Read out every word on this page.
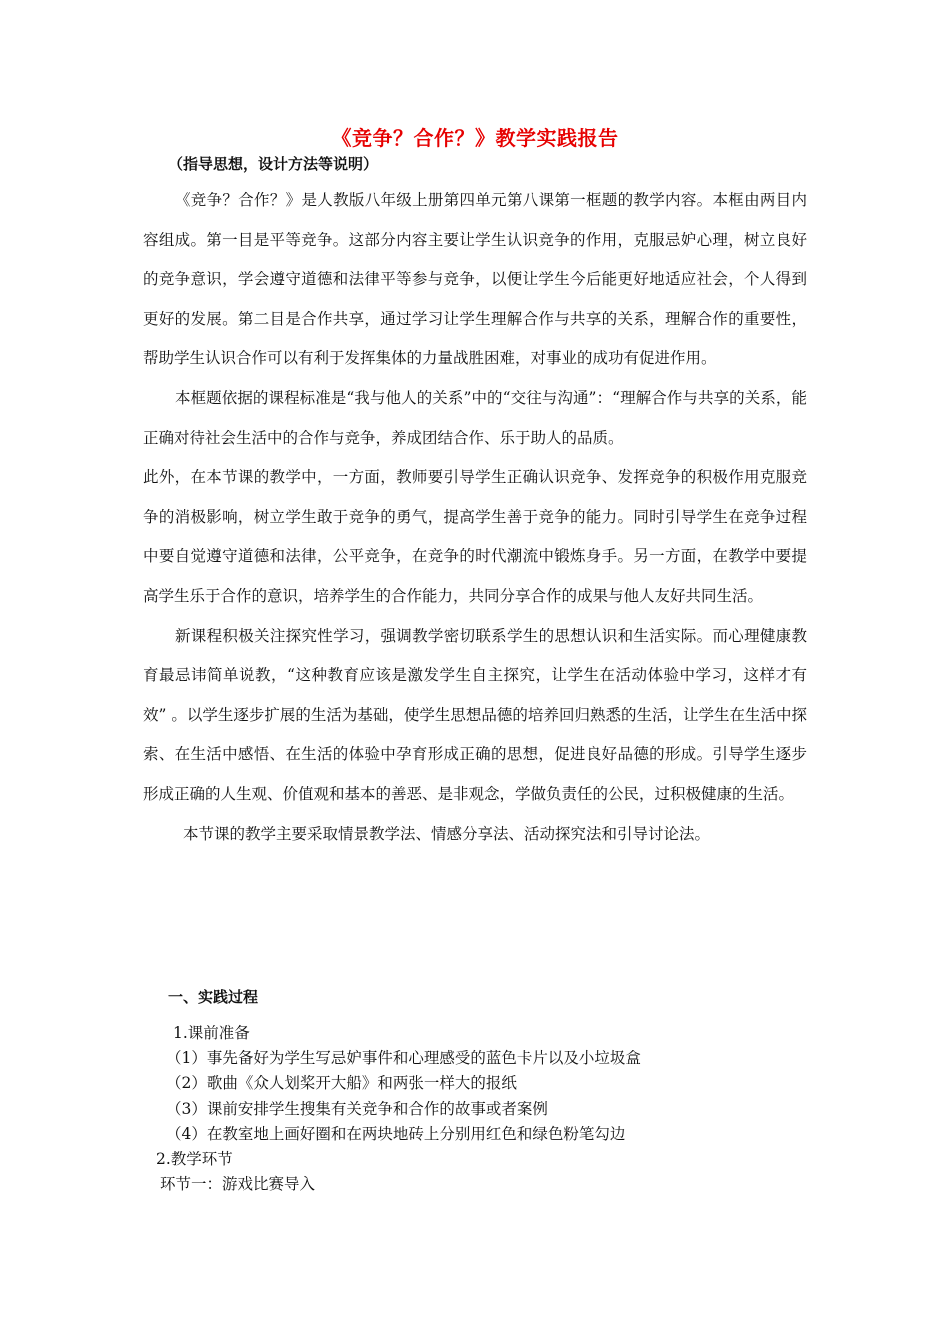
《竞争？合作？》教学实践报告
（指导思想，设计方法等说明）

《竞争？合作？》是人教版八年级上册第四单元第八课第一框题的教学内容。本框由两目内容组成。第一目是平等竞争。这部分内容主要让学生认识竞争的作用，克服忌妒心理，树立良好的竞争意识，学会遵守道德和法律平等参与竞争，以便让学生今后能更好地适应社会，个人得到更好的发展。第二目是合作共享，通过学习让学生理解合作与共享的关系，理解合作的重要性，帮助学生认识合作可以有利于发挥集体的力量战胜困难，对事业的成功有促进作用。

本框题依据的课程标准是“我与他人的关系”中的“交往与沟通”：“理解合作与共享的关系，能正确对待社会生活中的合作与竞争，养成团结合作、乐于助人的品质。

此外，在本节课的教学中，一方面，教师要引导学生正确认识竞争、发挥竞争的积极作用克服竞争的消极影响，树立学生敢于竞争的勇气，提高学生善于竞争的能力。同时引导学生在竞争过程中要自觉遵守道德和法律，公平竞争，在竞争的时代潮流中锻炼身手。另一方面，在教学中要提高学生乐于合作的意识，培养学生的合作能力，共同分享合作的成果与他人友好共同生活。

新课程积极关注探究性学习，强调教学密切联系学生的思想认识和生活实际。而心理健康教育最忌讳简单说教，“这种教育应该是激发学生自主探究，让学生在活动体验中学习，这样才有效” 。以学生逐步扩展的生活为基础，使学生思想品德的培养回归熟悉的生活，让学生在生活中探索、在生活中感悟、在生活的体验中孕育形成正确的思想，促进良好品德的形成。引导学生逐步形成正确的人生观、价值观和基本的善恶、是非观念，学做负责任的公民，过积极健康的生活。

本节课的教学主要采取情景教学法、情感分享法、活动探究法和引导讨论法。

一、实践过程
1.课前准备
（1）事先备好为学生写忌妒事件和心理感受的蓝色卡片以及小垃圾盒
（2）歌曲《众人划桨开大船》和两张一样大的报纸
（3）课前安排学生搜集有关竞争和合作的故事或者案例
（4）在教室地上画好圈和在两块地砖上分别用红色和绿色粉笔勾边
2.教学环节
环节一：游戏比赛导入
